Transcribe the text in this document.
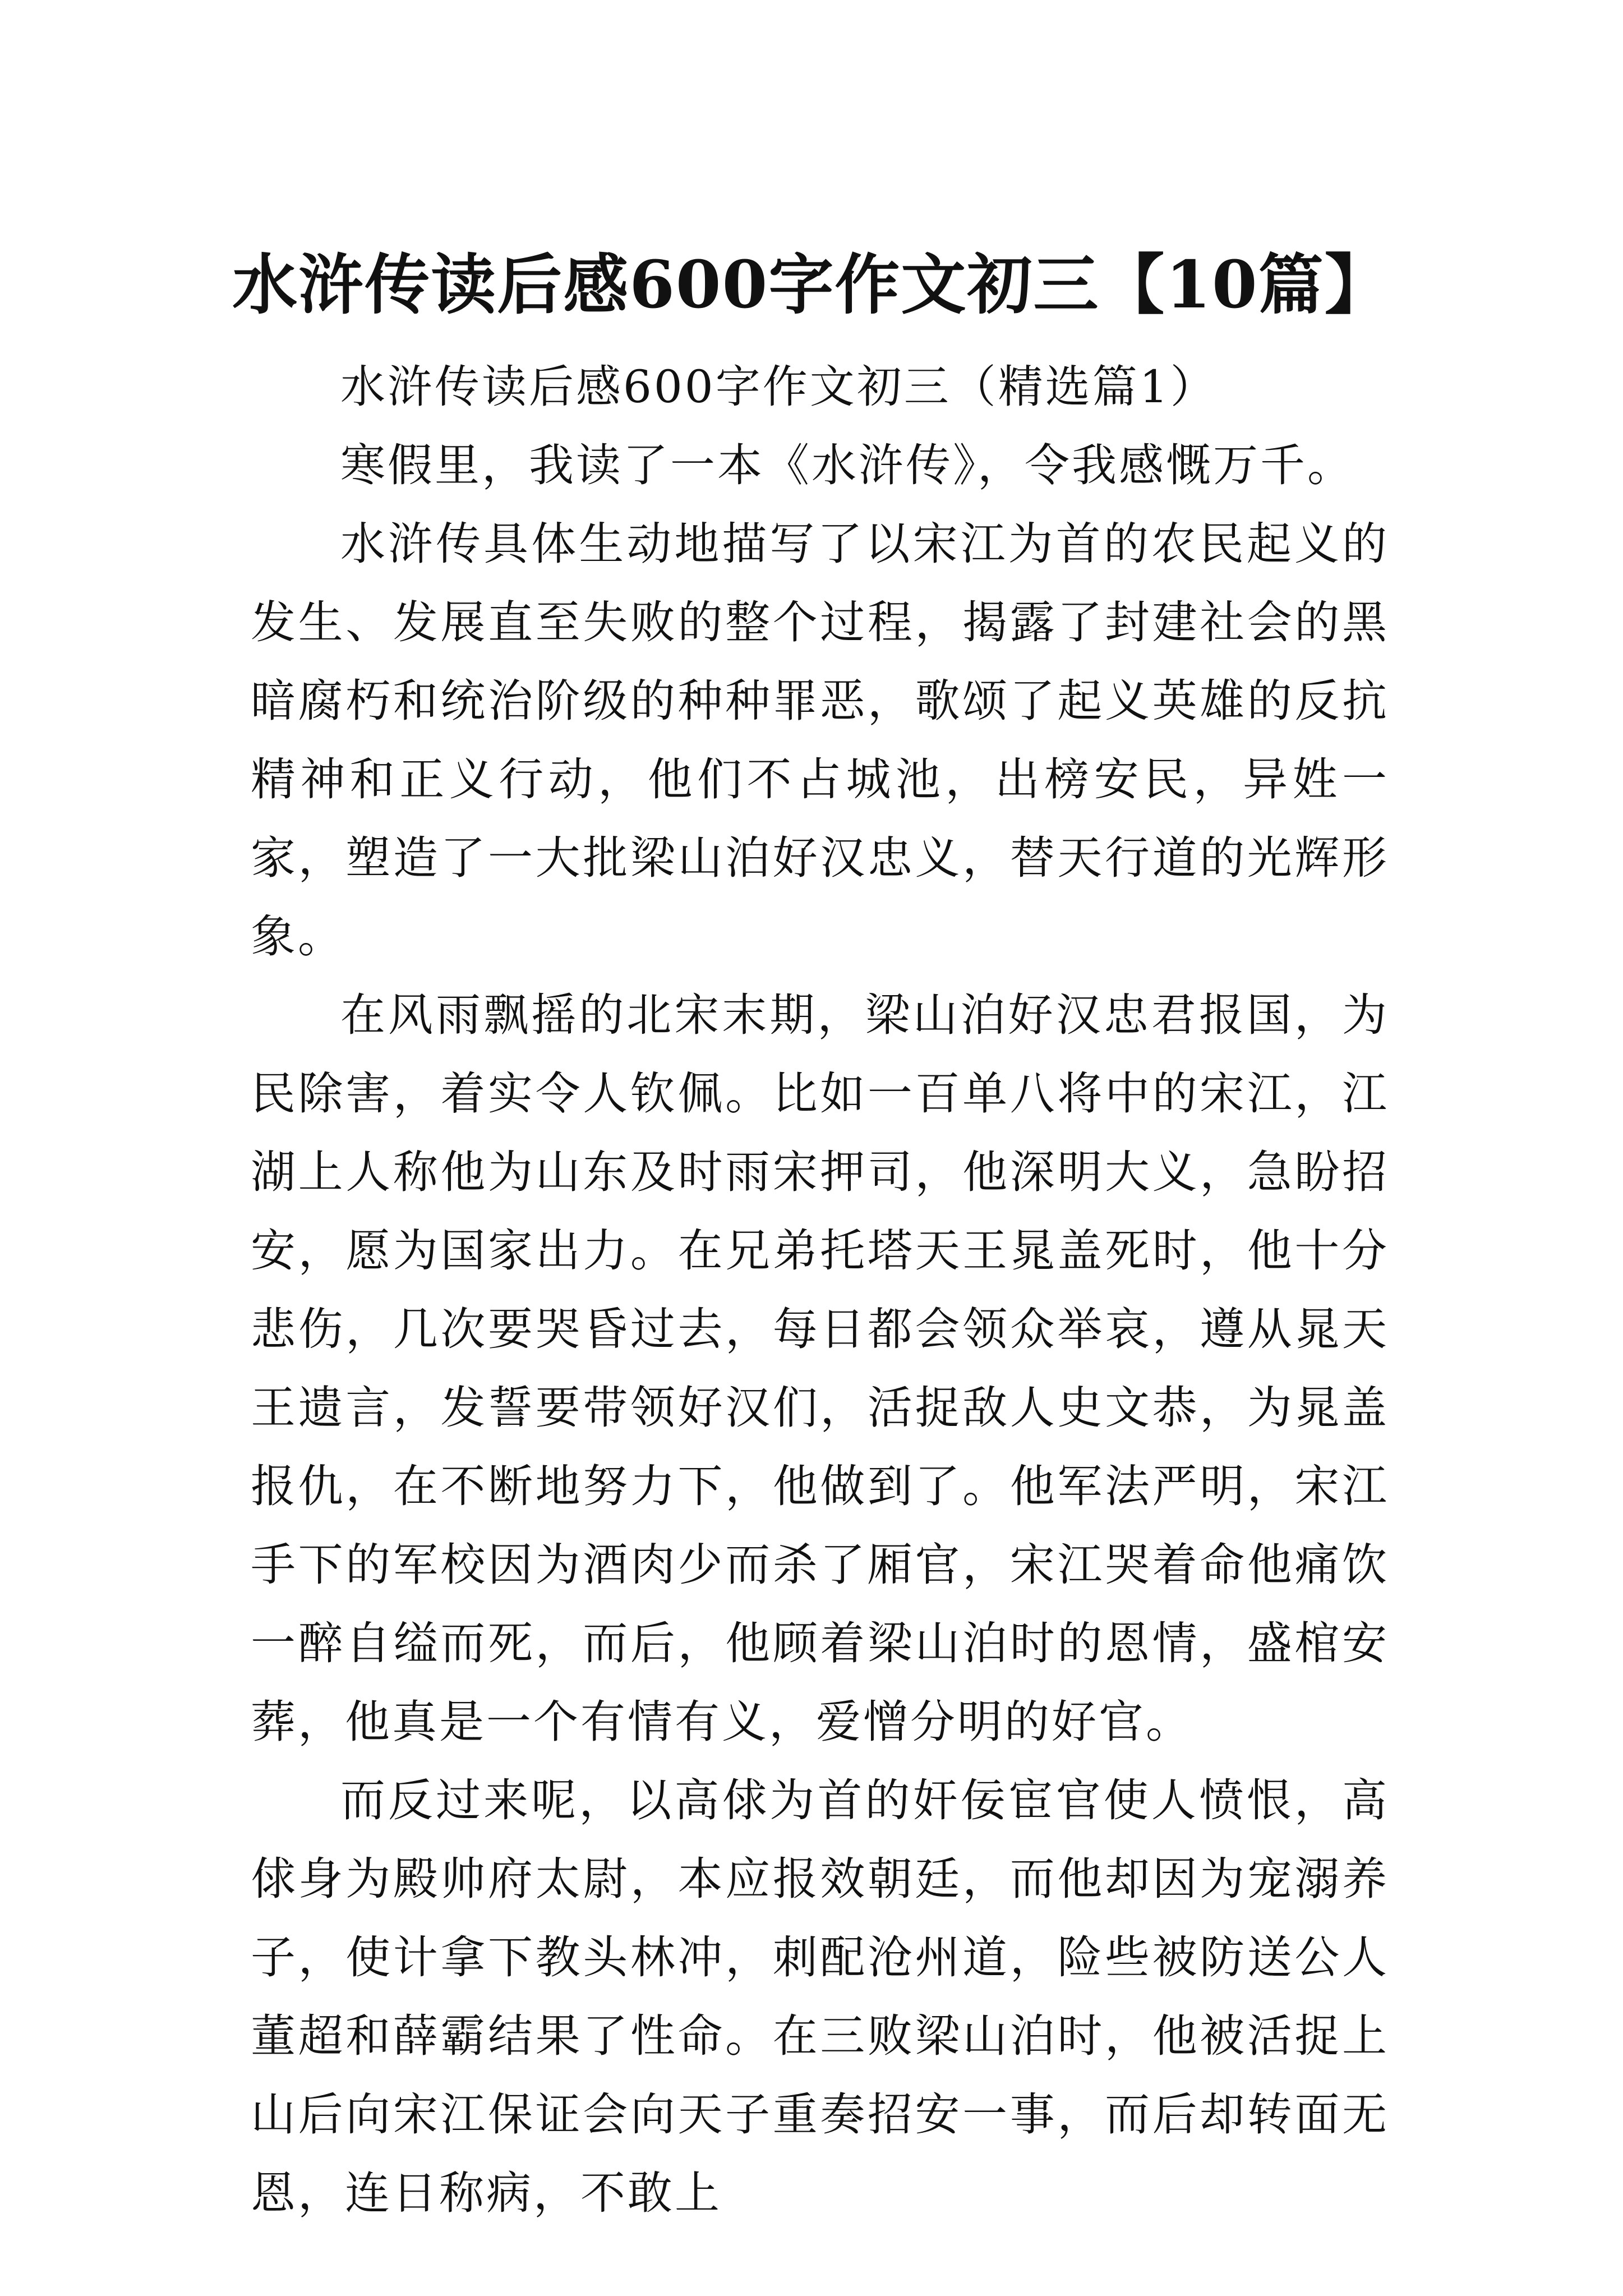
水浒传读后感600字作文初三【10篇】

水浒传读后感600字作文初三（精选篇1）

寒假里，我读了一本《水浒传》，令我感慨万千。

水浒传具体生动地描写了以宋江为首的农民起义的发生、发展直至失败的整个过程，揭露了封建社会的黑暗腐朽和统治阶级的种种罪恶，歌颂了起义英雄的反抗精神和正义行动，他们不占城池，出榜安民，异姓一家，塑造了一大批梁山泊好汉忠义，替天行道的光辉形象。

在风雨飘摇的北宋末期，梁山泊好汉忠君报国，为民除害，着实令人钦佩。比如一百单八将中的宋江，江湖上人称他为山东及时雨宋押司，他深明大义，急盼招安，愿为国家出力。在兄弟托塔天王晁盖死时，他十分悲伤，几次要哭昏过去，每日都会领众举哀，遵从晁天王遗言，发誓要带领好汉们，活捉敌人史文恭，为晁盖报仇，在不断地努力下，他做到了。他军法严明，宋江手下的军校因为酒肉少而杀了厢官，宋江哭着命他痛饮一醉自缢而死，而后，他顾着梁山泊时的恩情，盛棺安葬，他真是一个有情有义，爱憎分明的好官。

而反过来呢，以高俅为首的奸佞宦官使人愤恨，高俅身为殿帅府太尉，本应报效朝廷，而他却因为宠溺养子，使计拿下教头林冲，刺配沧州道，险些被防送公人董超和薛霸结果了性命。在三败梁山泊时，他被活捉上山后向宋江保证会向天子重奏招安一事，而后却转面无恩，连日称病，不敢上
